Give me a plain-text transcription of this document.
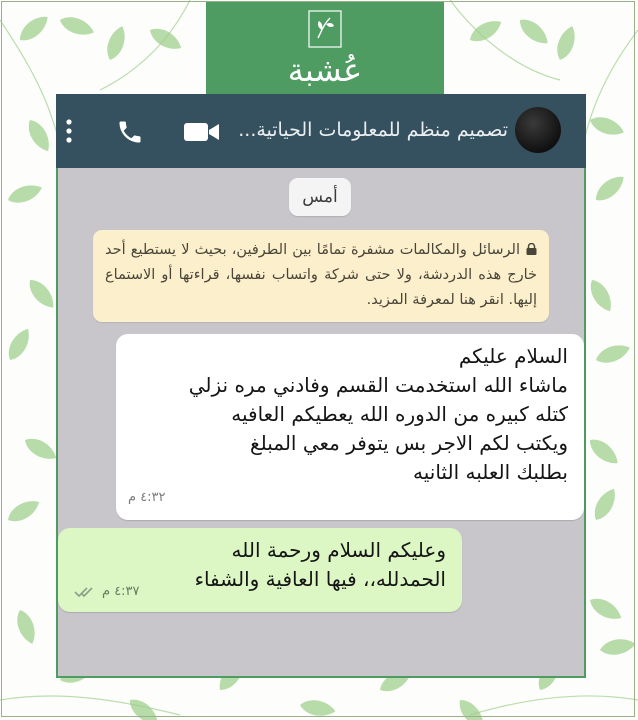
عُشبة
تصميم منظم للمعلومات الحياتية...
أمس
الرسائل والمكالمات مشفرة تمامًا بين الطرفين، بحيث لا يستطيع أحد خارج هذه الدردشة، ولا حتى شركة واتساب نفسها، قراءتها أو الاستماع إليها. انقر هنا لمعرفة المزيد.
السلام عليكم
ماشاء الله استخدمت القسم وفادني مره نزلي
كتله كبيره من الدوره الله يعطيكم العافيه
ويكتب لكم الاجر بس يتوفر معي المبلغ
بطلبك العلبه الثانيه
٤:٣٢ م
وعليكم السلام ورحمة الله
الحمدلله،، فيها العافية والشفاء
٤:٣٧ م
